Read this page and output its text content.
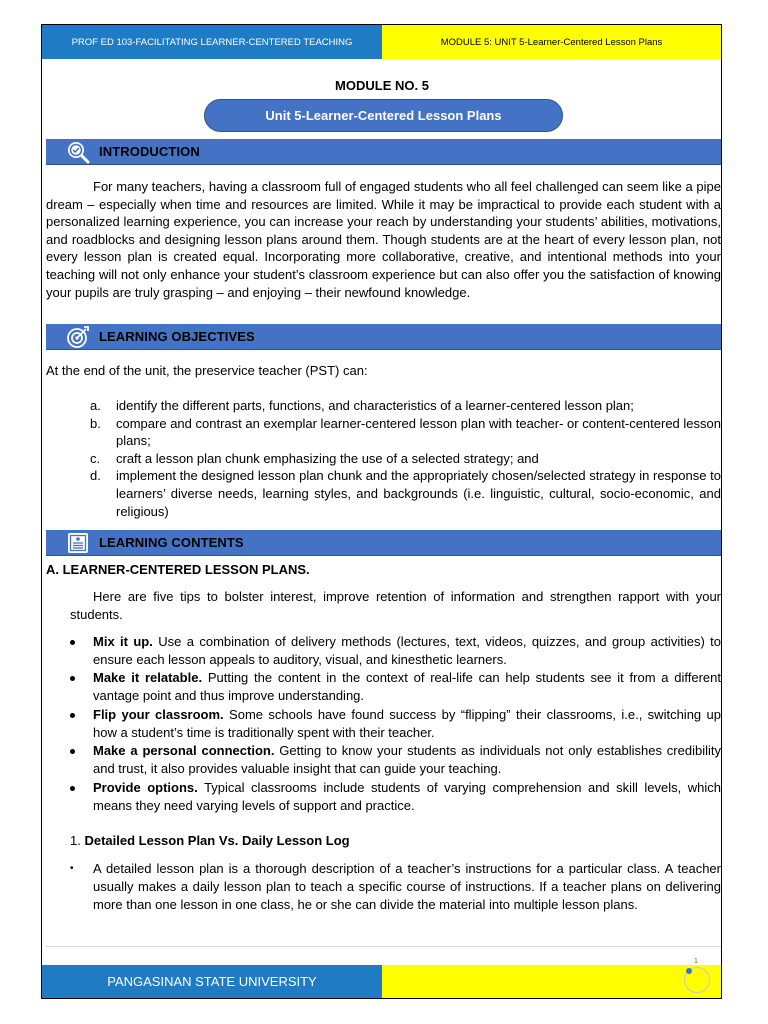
PROF ED 103-FACILITATING LEARNER-CENTERED TEACHING	MODULE 5: UNIT 5-Learner-Centered Lesson Plans
MODULE NO. 5
Unit 5-Learner-Centered Lesson Plans
INTRODUCTION
For many teachers, having a classroom full of engaged students who all feel challenged can seem like a pipe dream – especially when time and resources are limited. While it may be impractical to provide each student with a personalized learning experience, you can increase your reach by understanding your students’ abilities, motivations, and roadblocks and designing lesson plans around them. Though students are at the heart of every lesson plan, not every lesson plan is created equal. Incorporating more collaborative, creative, and intentional methods into your teaching will not only enhance your student’s classroom experience but can also offer you the satisfaction of knowing your pupils are truly grasping – and enjoying – their newfound knowledge.
LEARNING OBJECTIVES
At the end of the unit, the preservice teacher (PST) can:
a. identify the different parts, functions, and characteristics of a learner-centered lesson plan;
b. compare and contrast an exemplar learner-centered lesson plan with teacher- or content-centered lesson plans;
c. craft a lesson plan chunk emphasizing the use of a selected strategy; and
d. implement the designed lesson plan chunk and the appropriately chosen/selected strategy in response to learners’ diverse needs, learning styles, and backgrounds (i.e. linguistic, cultural, socio-economic, and religious)
LEARNING CONTENTS
A. LEARNER-CENTERED LESSON PLANS.
Here are five tips to bolster interest, improve retention of information and strengthen rapport with your students.
Mix it up. Use a combination of delivery methods (lectures, text, videos, quizzes, and group activities) to ensure each lesson appeals to auditory, visual, and kinesthetic learners.
Make it relatable. Putting the content in the context of real-life can help students see it from a different vantage point and thus improve understanding.
Flip your classroom. Some schools have found success by “flipping” their classrooms, i.e., switching up how a student’s time is traditionally spent with their teacher.
Make a personal connection. Getting to know your students as individuals not only establishes credibility and trust, it also provides valuable insight that can guide your teaching.
Provide options. Typical classrooms include students of varying comprehension and skill levels, which means they need varying levels of support and practice.
1. Detailed Lesson Plan Vs. Daily Lesson Log
•	A detailed lesson plan is a thorough description of a teacher’s instructions for a particular class. A teacher usually makes a daily lesson plan to teach a specific course of instructions. If a teacher plans on delivering more than one lesson in one class, he or she can divide the material into multiple lesson plans.

PANGASINAN STATE UNIVERSITY
1
